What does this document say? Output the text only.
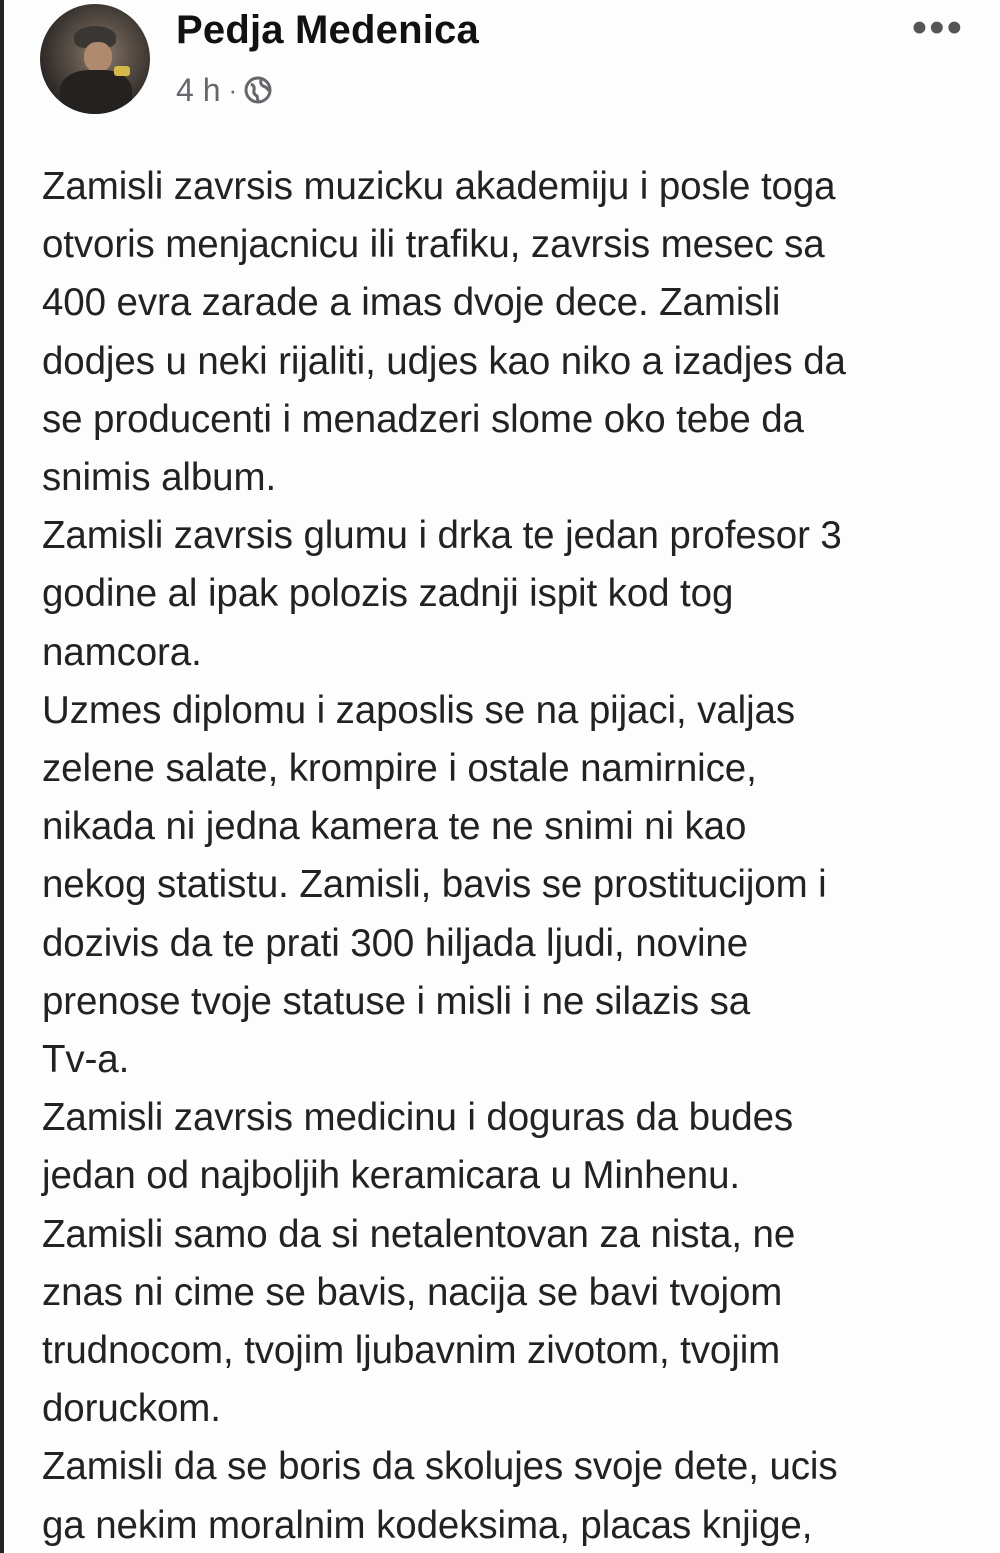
Pedja Medenica
4 h ·
•••
Zamisli zavrsis muzicku akademiju i posle toga
otvoris menjacnicu ili trafiku, zavrsis mesec sa
400 evra zarade a imas dvoje dece. Zamisli
dodjes u neki rijaliti, udjes kao niko a izadjes da
se producenti i menadzeri slome oko tebe da
snimis album.
Zamisli zavrsis glumu i drka te jedan profesor 3
godine al ipak polozis zadnji ispit kod tog
namcora.
Uzmes diplomu i zaposlis se na pijaci, valjas
zelene salate, krompire i ostale namirnice,
nikada ni jedna kamera te ne snimi ni kao
nekog statistu. Zamisli, bavis se prostitucijom i
dozivis da te prati 300 hiljada ljudi, novine
prenose tvoje statuse i misli i ne silazis sa
Tv-a.
Zamisli zavrsis medicinu i doguras da budes
jedan od najboljih keramicara u Minhenu.
Zamisli samo da si netalentovan za nista, ne
znas ni cime se bavis, nacija se bavi tvojom
trudnocom, tvojim ljubavnim zivotom, tvojim
doruckom.
Zamisli da se boris da skolujes svoje dete, ucis
ga nekim moralnim kodeksima, placas knjige,
